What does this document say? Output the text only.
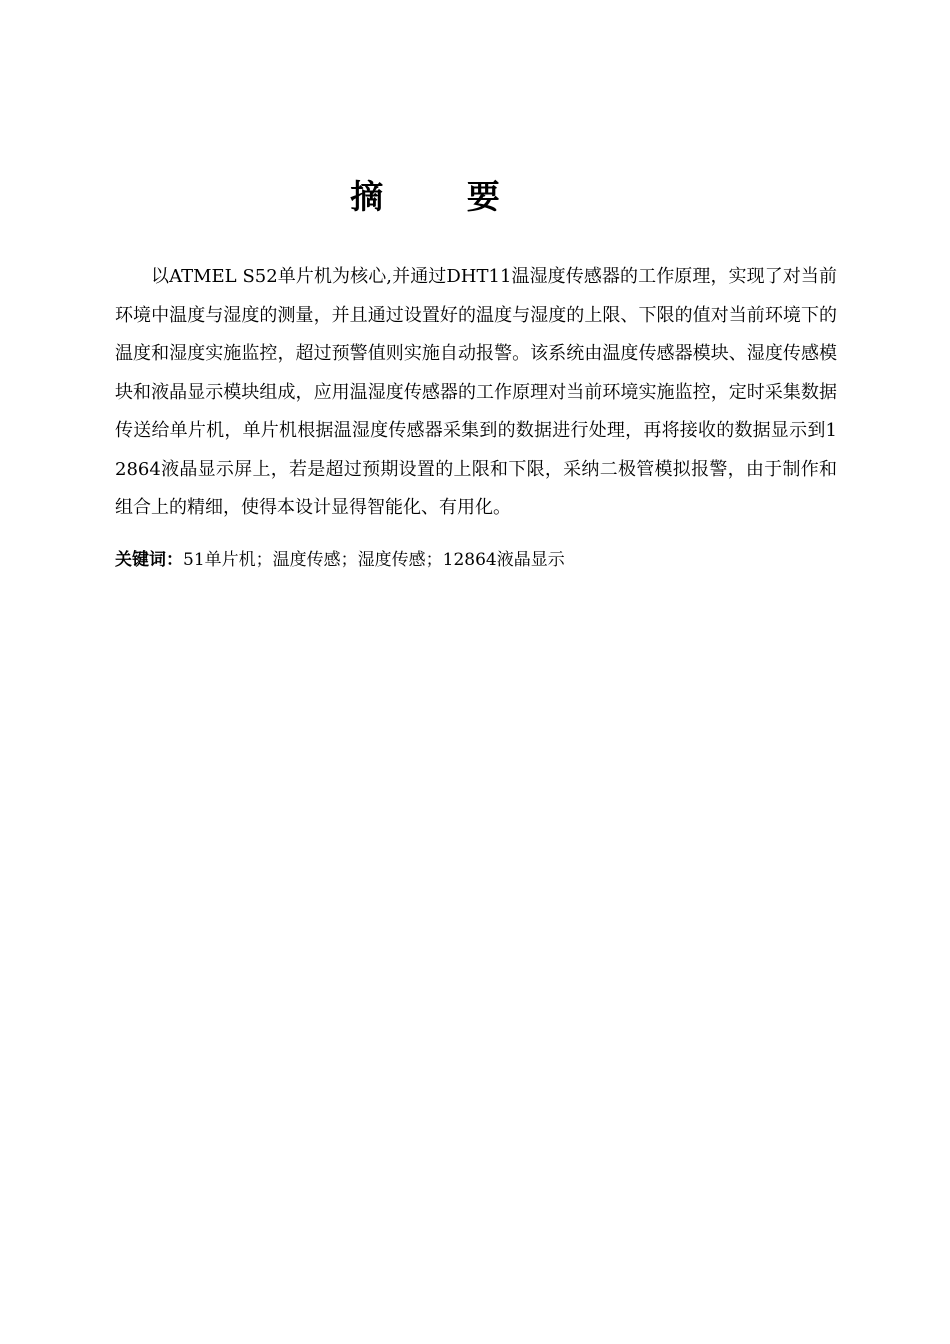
摘 要

以ATMEL S52单片机为核心,并通过DHT11温湿度传感器的工作原理，实现了对当前环境中温度与湿度的测量，并且通过设置好的温度与湿度的上限、下限的值对当前环境下的温度和湿度实施监控，超过预警值则实施自动报警。该系统由温度传感器模块、湿度传感模块和液晶显示模块组成，应用温湿度传感器的工作原理对当前环境实施监控，定时采集数据传送给单片机，单片机根据温湿度传感器采集到的数据进行处理，再将接收的数据显示到12864液晶显示屏上，若是超过预期设置的上限和下限，采纳二极管模拟报警，由于制作和组合上的精细，使得本设计显得智能化、有用化。

关键词：51单片机；温度传感；湿度传感；12864液晶显示
